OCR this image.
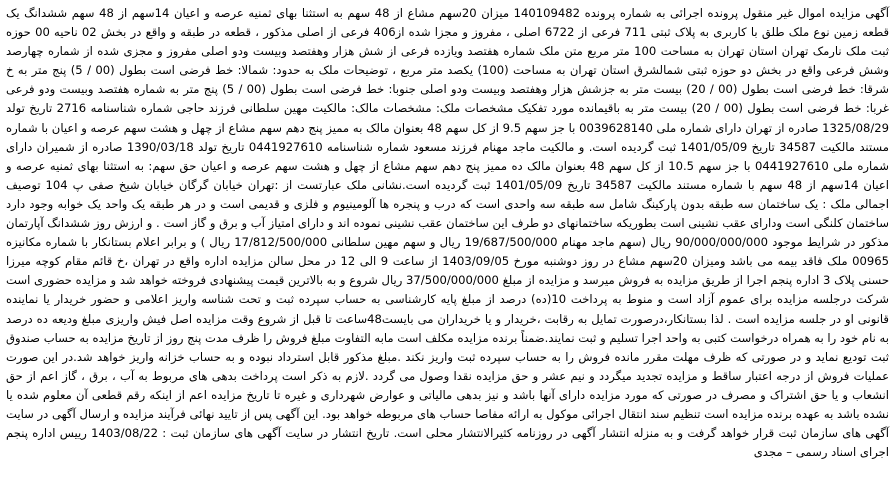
آگهی مزایده اموال غیر منقول پرونده اجرائی به شماره پرونده 140109482 میزان 20سهم مشاع از 48 سهم به استثنا بهای ثمنیه عرصه و اعیان 14سهم از 48 سهم ششدانگ یک قطعه زمین نوع ملک طلق با کاربری به پلاک ثبتی 711 فرعی از 6722 اصلی ، مفروز و مجزا شده از406 فرعی از اصلی مذکور ، قطعه در طبقه و واقع در بخش 02 ناحیه 00 حوزه ثبت ملک نارمک تهران استان تهران به مساحت 100 متر مربع متن ملک شماره هفتصد ویازده فرعی از شش هزار وهفتصد وبیست ودو اصلی مفروز و مجزی شده از شماره چهارصد وشش فرعی واقع در بخش دو حوزه ثبتی شمالشرق استان تهران به مساحت (100) یکصد متر مربع ، توضیحات ملک به حدود: شمالا: خط فرضی است بطول (00 / 5) پنج متر به خ شرقا: خط فرضی است بطول (00 / 20) بیست متر به جزشش هزار وهفتصد وبیست ودو اصلی جنوبا: خط فرضی است بطول (00 / 5) پنج متر به شماره هفتصد وبیست ودو فرعی غربا: خط فرضی است بطول (00 / 20) بیست متر به باقیمانده مورد تفکیک مشخصات ملک: مشخصات مالک: مالکیت مهین سلطانی فرزند حاجی شماره شناسنامه 2716 تاریخ تولد 1325/08/29 صادره از تهران دارای شماره ملی 0039628140 با جز سهم 9.5 از کل سهم 48 بعنوان مالک به ممیز پنج دهم سهم مشاع از چهل و هشت سهم عرصه و اعیان با شماره مستند مالکیت 34587 تاریخ 1401/05/09 ثبت گردیده است. و مالکیت ماجد مهنام فرزند مسعود شماره شناسنامه 0441927610 تاریخ تولد 1390/03/18 صادره از شمیران دارای شماره ملی 0441927610 با جز سهم 10.5 از کل سهم 48 بعنوان مالک ده ممیز پنج دهم سهم مشاع از چهل و هشت سهم عرصه و اعیان حق سهم: به استثنا بهای ثمنیه عرصه و اعیان 14سهم از 48 سهم با شماره مستند مالکیت 34587 تاریخ 1401/05/09 ثبت گردیده است.نشانی ملک عبارتست از :تهران خیابان گرگان خیابان شیخ صفی پ 104 توصیف اجمالی ملک : یک ساختمان سه طبقه بدون پارکینگ شامل سه طبقه سه واحدی است که درب و پنجره ها آلومینیوم و فلزی و قدیمی است و در هر طبقه یک واحد یک خوابه وجود دارد ساختمان کلنگی است ودارای عقب نشینی است بطوریکه ساختمانهای دو طرف این ساختمان عقب نشینی نموده اند و دارای امتیاز آب و برق و گاز است . و ارزش روز ششدانگ آپارتمان مذکور در شرایط موجود 90/000/000/000 ریال (سهم ماجد مهنام 19/687/500/000 ریال و سهم مهین سلطانی 17/812/500/000 ریال ) و برابر اعلام بستانکار با شماره مکانیزه 00965 ملک فاقد بیمه می باشد ومیزان 20سهم مشاع در روز دوشنبه مورخ 1403/09/05 از ساعت 9 الی 12 در محل سالن مزایده اداره واقع در تهران ،خ قائم مقام کوچه میرزا حسنی پلاک 3 اداره پنجم اجرا از طریق مزایده به فروش میرسد و مزایده از مبلغ 37/500/000/000 ریال شروع و به بالاترین قیمت پیشنهادی فروخته خواهد شد و مزایده حضوری است شرکت درجلسه مزایده برای عموم آزاد است و منوط به پرداخت 10(ده) درصد از مبلغ پایه کارشناسی به حساب سپرده ثبت و تحت شناسه واریز اعلامی و حضور خریدار یا نماینده قانونی او در جلسه مزایده است . لذا بستانکار،درصورت تمایل به رقابت ،خریدار و یا خریداران می بایست48ساعت تا قبل از شروع وقت مزایده اصل فیش واریزی مبلغ ودیعه ده درصد به نام خود را به همراه درخواست کتبی به واحد اجرا تسلیم و ثبت نمایند.ضمناً برنده مزایده مکلف است مابه التفاوت مبلغ فروش را ظرف مدت پنج روز از تاریخ مزایده به حساب صندوق ثبت تودیع نماید و در صورتی که ظرف مهلت مقرر مانده فروش را به حساب سپرده ثبت واریز نکند .مبلغ مذکور قابل استرداد نبوده و به حساب خزانه واریز خواهد شد.در این صورت عملیات فروش از درجه اعتبار ساقط و مزایده تجدید میگردد و نیم عشر و حق مزایده نقدا وصول می گردد .لازم به ذکر است پرداخت بدهی های مربوط به آب ، برق ، گاز اعم از حق انشعاب و یا حق اشتراک و مصرف در صورتی که مورد مزایده دارای آنها باشد و نیز بدهی مالیاتی و عوارض شهرداری و غیره تا تاریخ مزایده اعم از اینکه رقم قطعی آن معلوم شده یا نشده باشد به عهده برنده مزایده است تنظیم سند انتقال اجرائی موکول به ارائه مفاصا حساب های مربوطه خواهد بود. این آگهی پس از تایید نهائی فرآیند مزایده و ارسال آگهی در سایت آگهی های سازمان ثبت قرار خواهد گرفت و به منزله انتشار آگهی در روزنامه کثیرالانتشار محلی است. تاریخ انتشار در سایت آگهی های سازمان ثبت : 1403/08/22 رییس اداره پنجم اجرای اسناد رسمی – مجدی
